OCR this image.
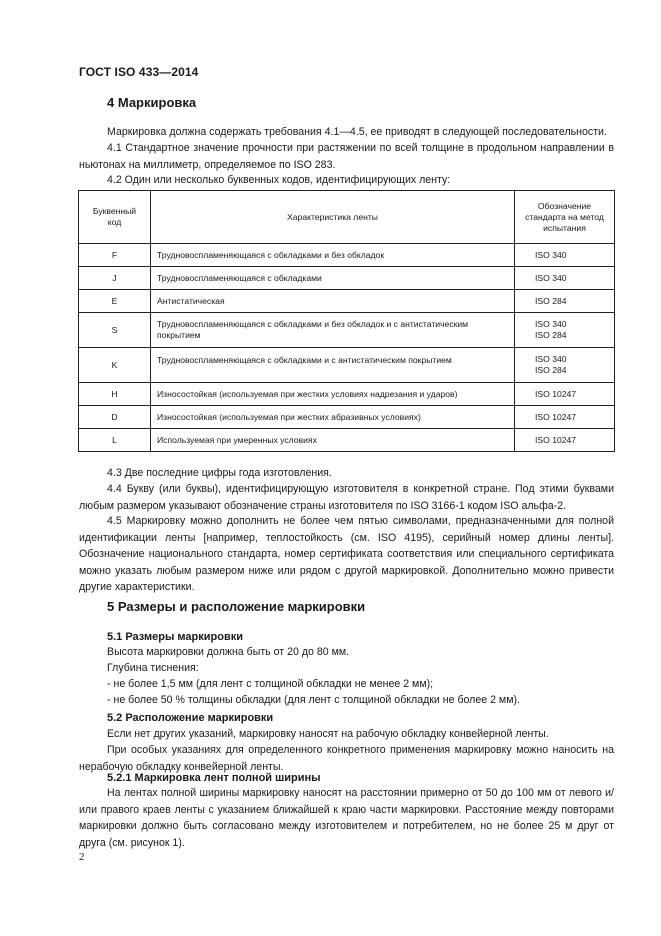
ГОСТ ISO 433—2014
4 Маркировка
Маркировка должна содержать требования 4.1—4.5, ее приводят в следующей последовательности.
4.1 Стандартное значение прочности при растяжении по всей толщине в продольном направлении в ньютонах на миллиметр, определяемое по ISO 283.
4.2 Один или несколько буквенных кодов, идентифицирующих ленту:
Буквенный код	Характеристика ленты	Обозначение стандарта на метод испытания
F	Трудновоспламеняющаяся с обкладками и без обкладок	ISO 340
J	Трудновоспламеняющаяся с обкладками	ISO 340
E	Антистатическая	ISO 284
S	Трудновоспламеняющаяся с обкладками и без обкладок и с антистатическим покрытием	ISO 340
ISO 284
K	Трудновоспламеняющаяся с обкладками и с антистатическим покрытием	ISO 340
ISO 284
H	Износостойкая (используемая при жестких условиях надрезания и ударов)	ISO 10247
D	Износостойкая (используемая при жестких абразивных условиях)	ISO 10247
L	Используемая при умеренных условиях	ISO 10247
4.3 Две последние цифры года изготовления.
4.4 Букву (или буквы), идентифицирующую изготовителя в конкретной стране. Под этими буквами любым размером указывают обозначение страны изготовителя по ISO 3166-1 кодом ISO альфа-2.
4.5 Маркировку можно дополнить не более чем пятью символами, предназначенными для полной идентификации ленты [например, теплостойкость (см. ISO 4195), серийный номер длины ленты]. Обозначение национального стандарта, номер сертификата соответствия или специального сертификата можно указать любым размером ниже или рядом с другой маркировкой. Дополнительно можно привести другие характеристики.
5 Размеры и расположение маркировки
5.1 Размеры маркировки
Высота маркировки должна быть от 20 до 80 мм.
Глубина тиснения:
- не более 1,5 мм (для лент с толщиной обкладки не менее 2 мм);
- не более 50 % толщины обкладки (для лент с толщиной обкладки не более 2 мм).
5.2 Расположение маркировки
Если нет других указаний, маркировку наносят на рабочую обкладку конвейерной ленты.
При особых указаниях для определенного конкретного применения маркировку можно наносить на нерабочую обкладку конвейерной ленты.
5.2.1 Маркировка лент полной ширины
На лентах полной ширины маркировку наносят на расстоянии примерно от 50 до 100 мм от левого и/или правого краев ленты с указанием ближайшей к краю части маркировки. Расстояние между повторами маркировки должно быть согласовано между изготовителем и потребителем, но не более 25 м друг от друга (см. рисунок 1).
2
